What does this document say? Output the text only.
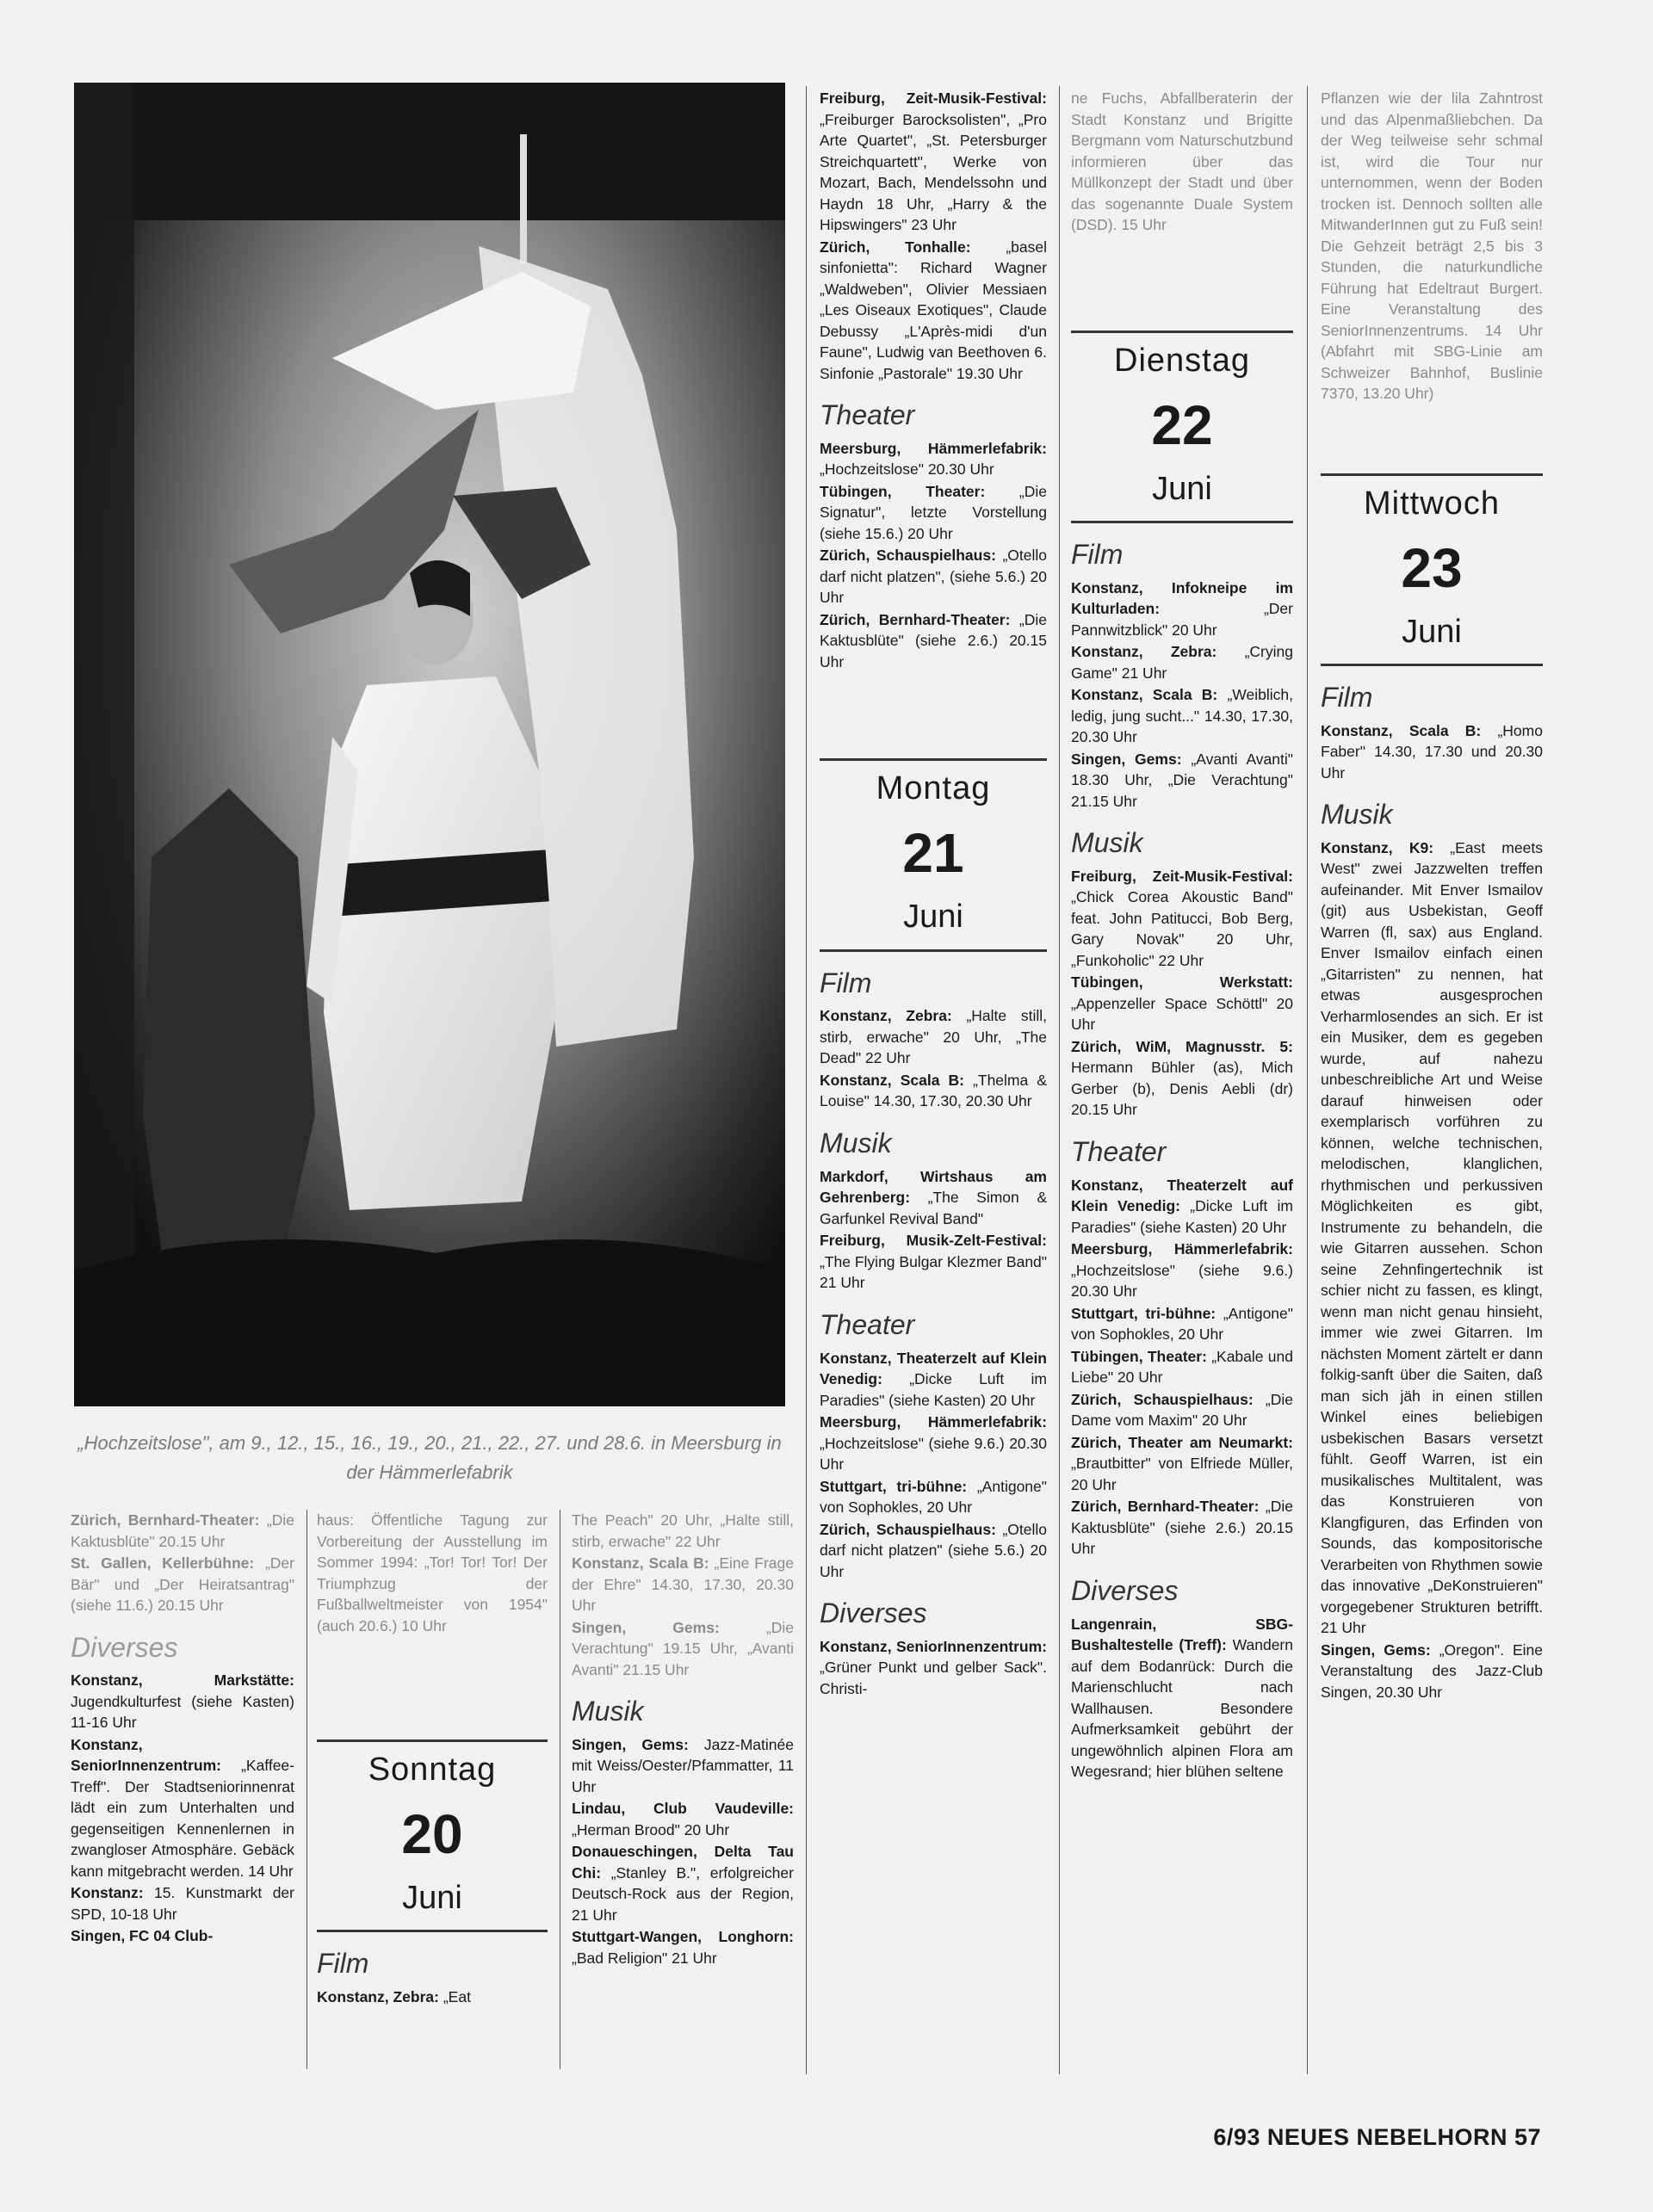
„Hochzeitslose", am 9., 12., 15., 16., 19., 20., 21., 22., 27. und 28.6. in Meersburg in der Hämmerlefabrik

Zürich, Bernhard-Theater: „Die Kaktusblüte" 20.15 Uhr

St. Gallen, Kellerbühne: „Der Bär" und „Der Heiratsantrag" (siehe 11.6.) 20.15 Uhr

Diverses

Konstanz, Markstätte: Jugendkulturfest (siehe Kasten) 11-16 Uhr

Konstanz, SeniorInnenzentrum: „Kaffee-Treff". Der Stadtseniorinnenrat lädt ein zum Unterhalten und gegenseitigen Kennenlernen in zwangloser Atmosphäre. Gebäck kann mitgebracht werden. 14 Uhr

Konstanz: 15. Kunstmarkt der SPD, 10-18 Uhr

Singen, FC 04 Club-

haus: Öffentliche Tagung zur Vorbereitung der Ausstellung im Sommer 1994: „Tor! Tor! Tor! Der Triumphzug der Fußballweltmeister von 1954" (auch 20.6.) 10 Uhr

Sonntag
20
Juni
Film

Konstanz, Zebra: „Eat

The Peach" 20 Uhr, „Halte still, stirb, erwache" 22 Uhr

Konstanz, Scala B: „Eine Frage der Ehre" 14.30, 17.30, 20.30 Uhr

Singen, Gems:	„Die Verachtung" 19.15 Uhr, „Avanti Avanti" 21.15 Uhr

Musik

Singen, Gems: Jazz-Matinée mit Weiss/Oester/Pfammatter, 11 Uhr

Lindau, Club Vaudeville: „Herman Brood" 20 Uhr

Donaueschingen, Delta Tau Chi: „Stanley B.", erfolgreicher Deutsch-Rock aus der Region, 21 Uhr

Stuttgart-Wangen, Longhorn: „Bad Religion" 21 Uhr

Freiburg, Zeit-Musik-Festival: „Freiburger Barocksolisten", „Pro Arte Quartet", „St. Petersburger Streichquartett", Werke von Mozart, Bach, Mendelssohn und Haydn 18 Uhr, „Harry & the Hipswingers" 23 Uhr

Zürich, Tonhalle: „basel sinfonietta": Richard Wagner „Waldweben", Olivier Messiaen „Les Oiseaux Exotiques", Claude Debussy „L'Après-midi d'un Faune", Ludwig van Beethoven 6. Sinfonie „Pastorale" 19.30 Uhr

Theater

Meersburg, Hämmerlefabrik: „Hochzeitslose" 20.30 Uhr

Tübingen, Theater: „Die Signatur", letzte Vorstellung (siehe 15.6.) 20 Uhr

Zürich, Schauspielhaus: „Otello darf nicht platzen", (siehe 5.6.) 20 Uhr

Zürich, Bernhard-Theater: „Die Kaktusblüte" (siehe 2.6.) 20.15 Uhr

Montag
21
Juni
Film

Konstanz, Zebra: „Halte still, stirb, erwache" 20 Uhr, „The Dead" 22 Uhr

Konstanz, Scala B: „Thelma & Louise" 14.30, 17.30, 20.30 Uhr

Musik

Markdorf, Wirtshaus am Gehrenberg: „The Simon & Garfunkel Revival Band"

Freiburg, Musik-Zelt-Festival: „The Flying Bulgar Klezmer Band" 21 Uhr

Theater

Konstanz, Theaterzelt auf Klein Venedig: „Dicke Luft im Paradies" (siehe Kasten) 20 Uhr

Meersburg, Hämmerlefabrik: „Hochzeitslose" (siehe 9.6.) 20.30 Uhr

Stuttgart, tri-bühne: „Antigone" von Sophokles, 20 Uhr

Zürich, Schauspielhaus: „Otello darf nicht platzen" (siehe 5.6.) 20 Uhr

Diverses

Konstanz, SeniorInnenzentrum: „Grüner Punkt und gelber Sack". Christi-

ne Fuchs, Abfallberaterin der Stadt Konstanz und Brigitte Bergmann vom Naturschutzbund informieren über das Müllkonzept der Stadt und über das sogenannte Duale System (DSD). 15 Uhr

Dienstag
22
Juni
Film

Konstanz, Infokneipe im Kulturladen:	„Der Pannwitzblick" 20 Uhr

Konstanz, Zebra: „Crying Game" 21 Uhr

Konstanz, Scala B: „Weiblich, ledig, jung sucht..." 14.30, 17.30, 20.30 Uhr

Singen, Gems: „Avanti Avanti" 18.30 Uhr, „Die Verachtung" 21.15 Uhr

Musik

Freiburg, Zeit-Musik-Festival: „Chick Corea Akoustic Band" feat. John Patitucci, Bob Berg, Gary Novak" 20 Uhr, „Funkoholic" 22 Uhr

Tübingen, Werkstatt: „Appenzeller Space Schöttl" 20 Uhr

Zürich, WiM, Magnusstr. 5: Hermann Bühler (as), Mich Gerber (b), Denis Aebli (dr) 20.15 Uhr

Theater

Konstanz, Theaterzelt auf Klein Venedig: „Dicke Luft im Paradies" (siehe Kasten) 20 Uhr

Meersburg, Hämmerlefabrik: „Hochzeitslose" (siehe 9.6.) 20.30 Uhr

Stuttgart, tri-bühne: „Antigone" von Sophokles, 20 Uhr

Tübingen, Theater: „Kabale und Liebe" 20 Uhr

Zürich, Schauspielhaus: „Die Dame vom Maxim" 20 Uhr

Zürich, Theater am Neumarkt: „Brautbitter" von Elfriede Müller, 20 Uhr

Zürich, Bernhard-Theater: „Die Kaktusblüte" (siehe 2.6.) 20.15 Uhr

Diverses

Langenrain, SBG-Bushaltestelle (Treff): Wandern auf dem Bodanrück: Durch die Marienschlucht nach Wallhausen. Besondere Aufmerksamkeit gebührt der ungewöhnlich alpinen Flora am Wegesrand; hier blühen seltene

Pflanzen wie der lila Zahntrost und das Alpenmaßliebchen. Da der Weg teilweise sehr schmal ist, wird die Tour nur unternommen, wenn der Boden trocken ist. Dennoch sollten alle MitwanderInnen gut zu Fuß sein! Die Gehzeit beträgt 2,5 bis 3 Stunden, die naturkundliche Führung hat Edeltraut Burgert. Eine Veranstaltung des SeniorInnenzentrums. 14 Uhr (Abfahrt mit SBG-Linie am Schweizer Bahnhof, Buslinie 7370, 13.20 Uhr)

Mittwoch
23
Juni
Film

Konstanz, Scala B: „Homo Faber" 14.30, 17.30 und 20.30 Uhr

Musik

Konstanz, K9: „East meets West" zwei Jazzwelten treffen aufeinander. Mit Enver Ismailov (git) aus Usbekistan, Geoff Warren (fl, sax) aus England. Enver Ismailov einfach einen „Gitarristen" zu nennen, hat etwas ausgesprochen Verharmlosendes an sich. Er ist ein Musiker, dem es gegeben wurde, auf nahezu unbeschreibliche Art und Weise darauf hinweisen oder exemplarisch vorführen zu können, welche technischen, melodischen, klanglichen, rhythmischen und perkussiven Möglichkeiten es gibt, Instrumente zu behandeln, die wie Gitarren aussehen. Schon seine Zehnfingertechnik ist schier nicht zu fassen, es klingt, wenn man nicht genau hinsieht, immer wie zwei Gitarren. Im nächsten Moment zärtelt er dann folkig-sanft über die Saiten, daß man sich jäh in einen stillen Winkel eines beliebigen usbekischen Basars versetzt fühlt. Geoff Warren, ist ein musikalisches Multitalent, was das Konstruieren von Klangfiguren, das Erfinden von Sounds, das kompositorische Verarbeiten von Rhythmen sowie das innovative „DeKonstruieren" vorgegebener Strukturen betrifft. 21 Uhr

Singen, Gems: „Oregon". Eine Veranstaltung des Jazz-Club Singen, 20.30 Uhr

6/93 NEUES NEBELHORN 57
